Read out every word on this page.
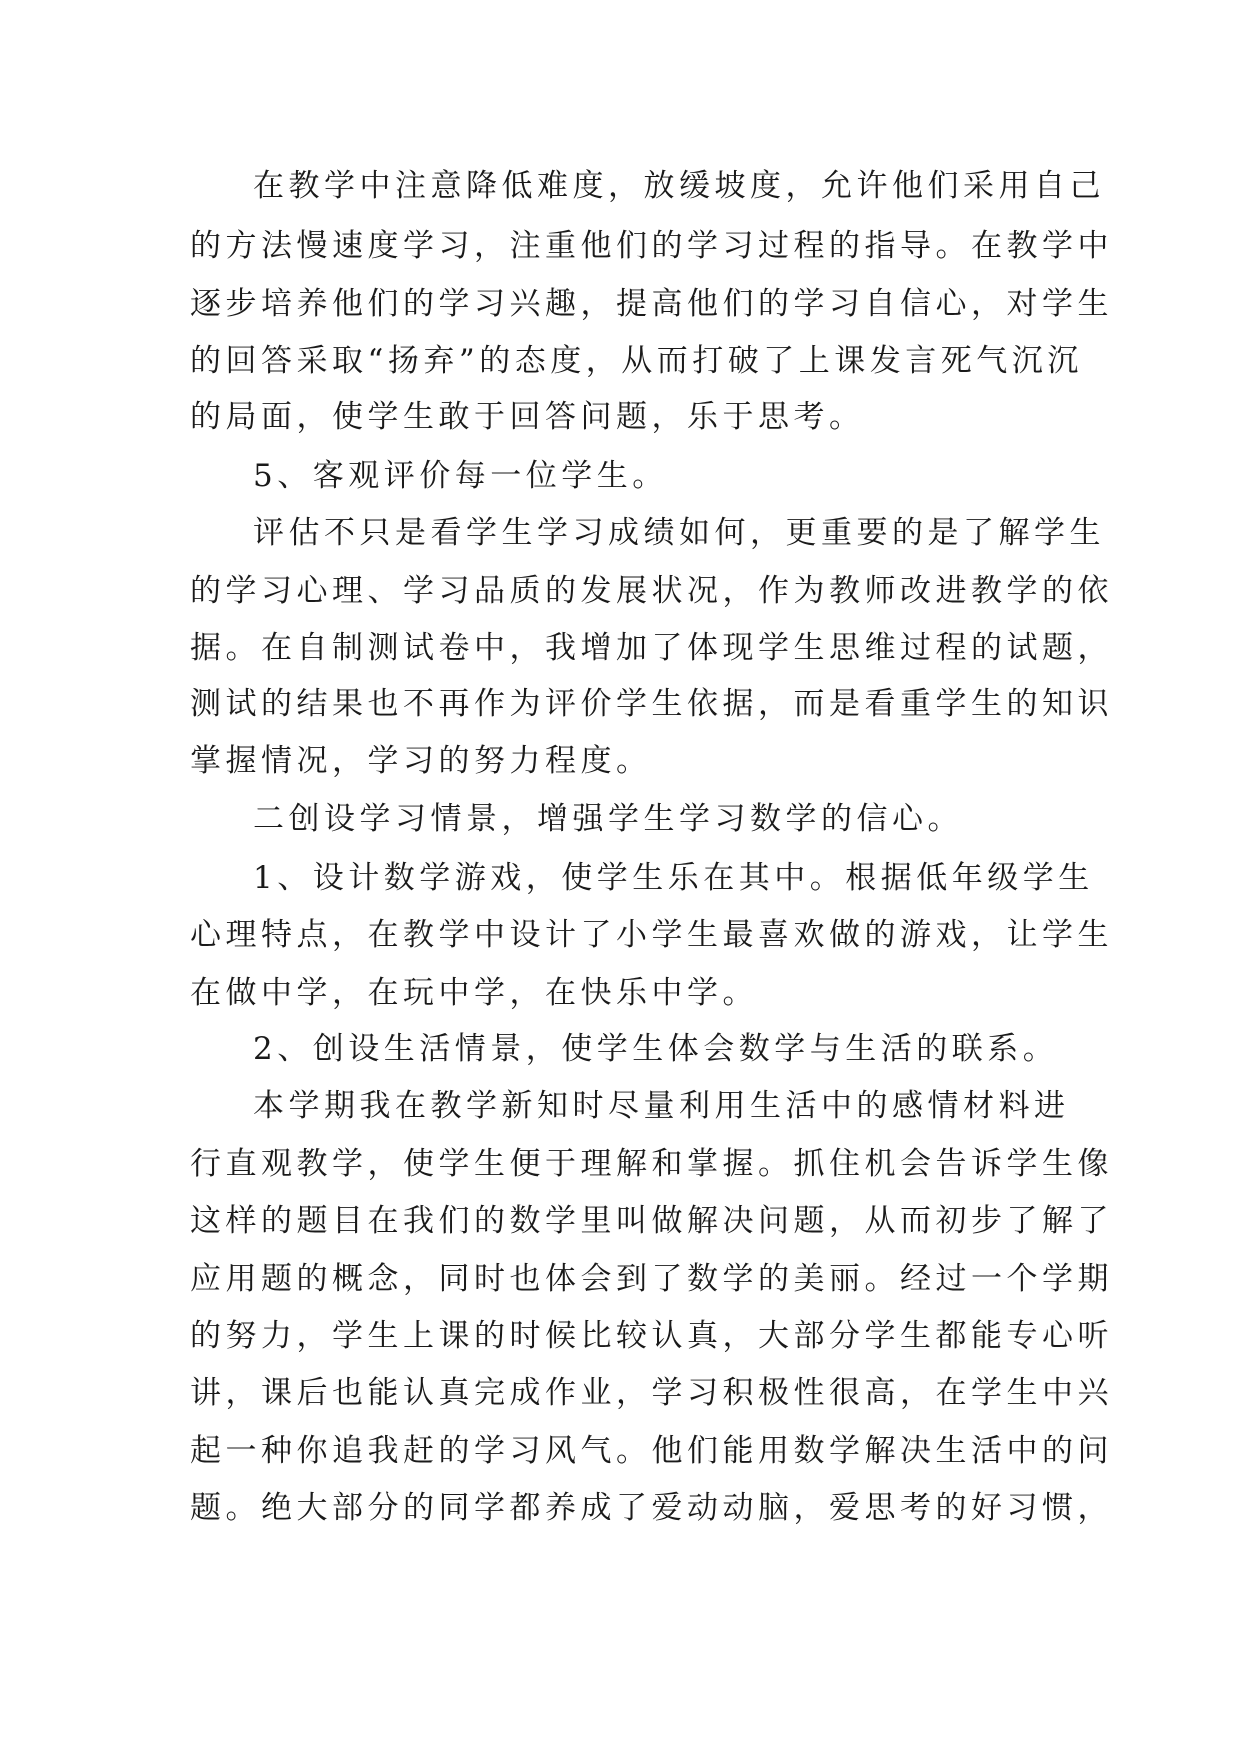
在教学中注意降低难度，放缓坡度，允许他们采用自己
的方法慢速度学习，注重他们的学习过程的指导。在教学中
逐步培养他们的学习兴趣，提高他们的学习自信心，对学生
的回答采取“扬弃”的态度，从而打破了上课发言死气沉沉
的局面，使学生敢于回答问题，乐于思考。
5、客观评价每一位学生。
评估不只是看学生学习成绩如何，更重要的是了解学生
的学习心理、学习品质的发展状况，作为教师改进教学的依
据。在自制测试卷中，我增加了体现学生思维过程的试题，
测试的结果也不再作为评价学生依据，而是看重学生的知识
掌握情况，学习的努力程度。
二创设学习情景，增强学生学习数学的信心。
1、设计数学游戏，使学生乐在其中。根据低年级学生
心理特点，在教学中设计了小学生最喜欢做的游戏，让学生
在做中学，在玩中学，在快乐中学。
2、创设生活情景，使学生体会数学与生活的联系。
本学期我在教学新知时尽量利用生活中的感情材料进
行直观教学，使学生便于理解和掌握。抓住机会告诉学生像
这样的题目在我们的数学里叫做解决问题，从而初步了解了
应用题的概念，同时也体会到了数学的美丽。经过一个学期
的努力，学生上课的时候比较认真，大部分学生都能专心听
讲，课后也能认真完成作业，学习积极性很高，在学生中兴
起一种你追我赶的学习风气。他们能用数学解决生活中的问
题。绝大部分的同学都养成了爱动动脑，爱思考的好习惯，
